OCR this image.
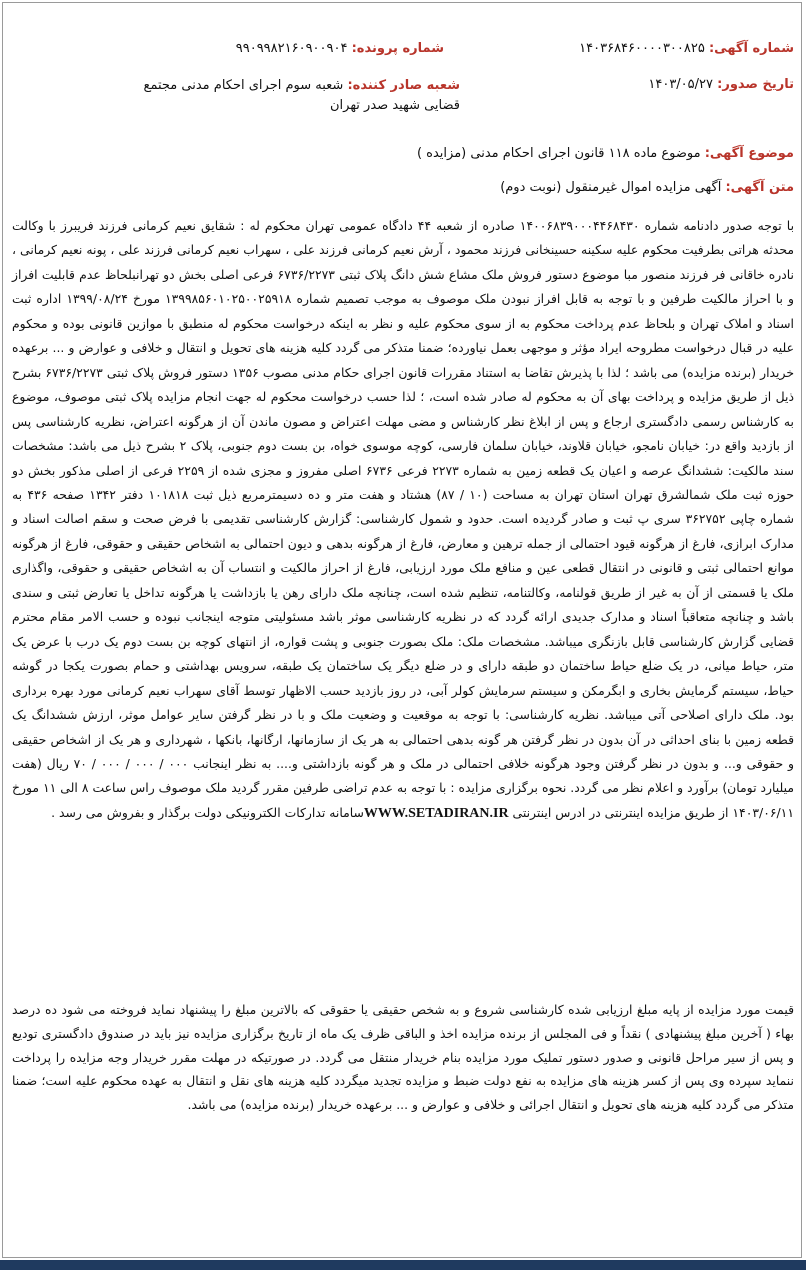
شماره آگهی: ۱۴۰۳۶۸۴۶۰۰۰۰۳۰۰۸۲۵
شماره پرونده: ۹۹۰۹۹۸۲۱۶۰۹۰۰۹۰۴
تاریخ صدور: ۱۴۰۳/۰۵/۲۷
شعبه صادر کننده: شعبه سوم اجرای احکام مدنی مجتمع قضایی شهید صدر تهران
موضوع آگهی: موضوع ماده ۱۱۸ قانون اجرای احکام مدنی (مزایده )
متن آگهی: آگهی مزایده اموال غیرمنقول (نوبت دوم)
با توجه صدور دادنامه شماره ۱۴۰۰۶۸۳۹۰۰۰۴۴۶۸۴۳۰ صادره از شعبه ۴۴ دادگاه عمومی تهران محکوم له : شقایق نعیم کرمانی فرزند فریبرز با وکالت محدثه هراتی بطرفیت محکوم علیه سکینه حسینخانی فرزند محمود ، آرش نعیم کرمانی فرزند علی ، سهراب نعیم کرمانی فرزند علی ، پونه نعیم کرمانی ، نادره خاقانی فر فرزند منصور مبا موضوع دستور فروش ملک مشاع شش دانگ پلاک ثبتی ۶۷۳۶/۲۲۷۳ فرعی اصلی بخش دو تهرانبلحاظ عدم قابلیت افراز و با احراز مالکیت طرفین و با توجه به قابل افراز نبودن ملک موصوف به موجب تصمیم شماره ۱۳۹۹۸۵۶۰۱۰۲۵۰۰۲۵۹۱۸ مورخ ۱۳۹۹/۰۸/۲۴ اداره ثبت اسناد و املاک تهران و بلحاظ عدم پرداخت محکوم به از سوی محکوم علیه و نظر به اینکه درخواست محکوم له منطبق با موازین قانونی بوده و محکوم علیه در قبال درخواست مطروحه ایراد مؤثر و موجهی بعمل نیاورده؛ ضمنا متذکر می گردد کلیه هزینه های تحویل و انتقال و خلافی و عوارض و ... برعهده خریدار (برنده مزایده) می باشد ؛ لذا با پذیرش تقاضا به استناد مقررات قانون اجرای حکام مدنی مصوب ۱۳۵۶ دستور فروش پلاک ثبتی ۶۷۳۶/۲۲۷۳ بشرح ذیل از طریق مزایده و پرداخت بهای آن به محکوم له صادر شده است، ؛ لذا حسب درخواست محکوم له جهت انجام مزایده پلاک ثبتی موصوف، موضوع به کارشناس رسمی دادگستری ارجاع و پس از ابلاغ نظر کارشناس و مضی مهلت اعتراض و مصون ماندن آن از هرگونه اعتراض، نظریه کارشناسی پس از بازدید واقع در: خیابان نامجو، خیابان قلاوند، خیابان سلمان فارسی، کوچه موسوی خواه، بن بست دوم جنوبی، پلاک ۲ بشرح ذیل می باشد: مشخصات سند مالکیت: ششدانگ عرصه و اعیان یک قطعه زمین به شماره ۲۲۷۳ فرعی ۶۷۳۶ اصلی مفروز و مجزی شده از ۲۲۵۹ فرعی از اصلی مذکور بخش دو حوزه ثبت ملک شمالشرق تهران استان تهران به مساحت (۱۰ / ۸۷) هشتاد و هفت متر و ده دسیمترمربع ذیل ثبت ۱۰۱۸۱۸ دفتر ۱۳۴۲ صفحه ۴۳۶ به شماره چاپی ۳۶۲۷۵۲ سری پ ثبت و صادر گردیده است. حدود و شمول کارشناسی: گزارش کارشناسی تقدیمی با فرض صحت و سقم اصالت اسناد و مدارک ابرازی، فارغ از هرگونه قیود احتمالی از جمله ترهین و معارض، فارغ از هرگونه بدهی و دیون احتمالی به اشخاص حقیقی و حقوقی، فارغ از هرگونه موانع احتمالی ثبتی و قانونی در انتقال قطعی عین و منافع ملک مورد ارزیابی، فارغ از احراز مالکیت و انتساب آن به اشخاص حقیقی و حقوقی، واگذاری ملک یا قسمتی از آن به غیر از طریق قولنامه، وکالتنامه، تنظیم شده است، چنانچه ملک دارای رهن یا بازداشت یا هرگونه تداخل یا تعارض ثبتی و سندی باشد و چنانچه متعاقباً اسناد و مدارک جدیدی ارائه گردد که در نظریه کارشناسی موثر باشد مسئولیتی متوجه اینجانب نبوده و حسب الامر مقام محترم قضایی گزارش کارشناسی قابل بازنگری میباشد. مشخصات ملک: ملک بصورت جنوبی و پشت قواره، از انتهای کوچه بن بست دوم یک درب با عرض یک متر، حیاط میانی، در یک ضلع حیاط ساختمان دو طبقه دارای و در ضلع دیگر یک ساختمان یک طبقه، سرویس بهداشتی و حمام بصورت یکجا در گوشه حیاط، سیستم گرمایش بخاری و ابگرمکن و سیستم سرمایش کولر آبی، در روز بازدید حسب الاظهار توسط آقای سهراب نعیم کرمانی مورد بهره برداری بود. ملک دارای اصلاحی آتی میباشد. نظریه کارشناسی: با توجه به موقعیت و وضعیت ملک و با در نظر گرفتن سایر عوامل موثر، ارزش ششدانگ یک قطعه زمین با بنای احداثی در آن بدون در نظر گرفتن هر گونه بدهی احتمالی به هر یک از سازمانها، ارگانها، بانکها ، شهرداری و هر یک از اشخاص حقیقی و حقوقی و... و بدون در نظر گرفتن وجود هرگونه خلافی احتمالی در ملک و هر گونه بازداشتی و.... به نظر اینجانب ۰۰۰ / ۰۰۰ / ۰۰۰ / ۷۰ ریال (هفت میلیارد تومان) برآورد و اعلام نظر می گردد. نحوه برگزاری مزایده : با توجه به عدم تراضی طرفین مقرر گردید ملک موصوف راس ساعت ۸ الی ۱۱ مورخ ۱۴۰۳/۰۶/۱۱ از طریق مزایده اینترنتی در ادرس اینترنتی WWW.SETADIRAN.IRسامانه تدارکات الکترونیکی دولت برگذار و بفروش می رسد .
قیمت مورد مزایده از پایه مبلغ ارزیابی شده کارشناسی شروع و به شخص حقیقی یا حقوقی که بالاترین مبلغ را پیشنهاد نماید فروخته می شود ده درصد بهاء ( آخرین مبلغ پیشنهادی ) نقداً و فی المجلس از برنده مزایده اخذ و الباقی ظرف یک ماه از تاریخ برگزاری مزایده نیز باید در صندوق دادگستری تودیع و پس از سیر مراحل قانونی و صدور دستور تملیک مورد مزایده بنام خریدار منتقل می گردد. در صورتیکه در مهلت مقرر خریدار وجه مزایده را پرداخت ننماید سپرده وی پس از کسر هزینه های مزایده به نفع دولت ضبط و مزایده تجدید میگردد کلیه هزینه های نقل و انتقال به عهده محکوم علیه است؛ ضمنا متذکر می گردد کلیه هزینه های تحویل و انتقال اجرائی و خلافی و عوارض و ... برعهده خریدار (برنده مزایده) می باشد.
